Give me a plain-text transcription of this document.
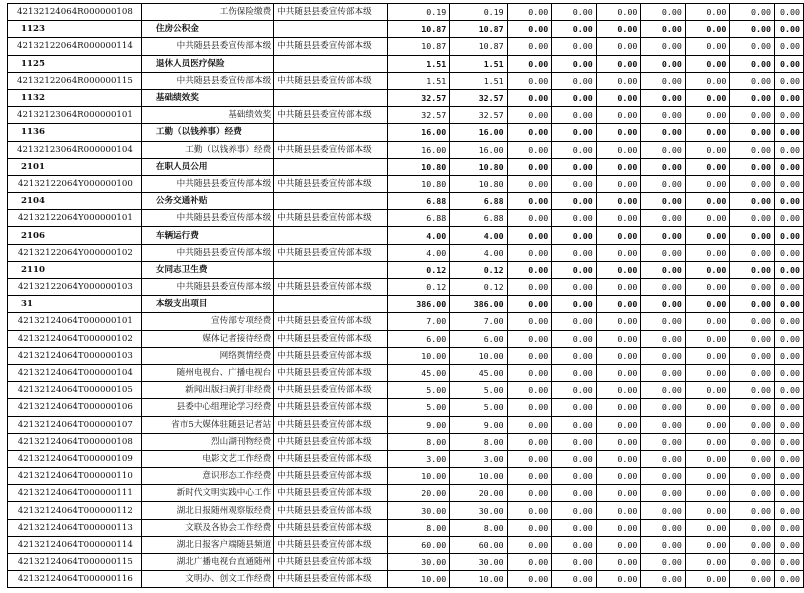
42132124064R000000108	工伤保险缴费	中共随县县委宣传部本级	0.19	0.19	0.00	0.00	0.00	0.00	0.00	0.00	0.00
1123	住房公积金		10.87	10.87	0.00	0.00	0.00	0.00	0.00	0.00	0.00
42132122064R000000114	中共随县县委宣传部本级	中共随县县委宣传部本级	10.87	10.87	0.00	0.00	0.00	0.00	0.00	0.00	0.00
1125	退休人员医疗保险		1.51	1.51	0.00	0.00	0.00	0.00	0.00	0.00	0.00
42132122064R000000115	中共随县县委宣传部本级	中共随县县委宣传部本级	1.51	1.51	0.00	0.00	0.00	0.00	0.00	0.00	0.00
1132	基础绩效奖		32.57	32.57	0.00	0.00	0.00	0.00	0.00	0.00	0.00
42132123064R000000101	基础绩效奖	中共随县县委宣传部本级	32.57	32.57	0.00	0.00	0.00	0.00	0.00	0.00	0.00
1136	工勤（以钱养事）经费		16.00	16.00	0.00	0.00	0.00	0.00	0.00	0.00	0.00
42132123064R000000104	工勤（以钱养事）经费	中共随县县委宣传部本级	16.00	16.00	0.00	0.00	0.00	0.00	0.00	0.00	0.00
2101	在职人员公用		10.80	10.80	0.00	0.00	0.00	0.00	0.00	0.00	0.00
42132122064Y000000100	中共随县县委宣传部本级	中共随县县委宣传部本级	10.80	10.80	0.00	0.00	0.00	0.00	0.00	0.00	0.00
2104	公务交通补贴		6.88	6.88	0.00	0.00	0.00	0.00	0.00	0.00	0.00
42132122064Y000000101	中共随县县委宣传部本级	中共随县县委宣传部本级	6.88	6.88	0.00	0.00	0.00	0.00	0.00	0.00	0.00
2106	车辆运行费		4.00	4.00	0.00	0.00	0.00	0.00	0.00	0.00	0.00
42132122064Y000000102	中共随县县委宣传部本级	中共随县县委宣传部本级	4.00	4.00	0.00	0.00	0.00	0.00	0.00	0.00	0.00
2110	女同志卫生费		0.12	0.12	0.00	0.00	0.00	0.00	0.00	0.00	0.00
42132122064Y000000103	中共随县县委宣传部本级	中共随县县委宣传部本级	0.12	0.12	0.00	0.00	0.00	0.00	0.00	0.00	0.00
31	本级支出项目		386.00	386.00	0.00	0.00	0.00	0.00	0.00	0.00	0.00
42132124064T000000101	宣传部专项经费	中共随县县委宣传部本级	7.00	7.00	0.00	0.00	0.00	0.00	0.00	0.00	0.00
42132124064T000000102	媒体记者接待经费	中共随县县委宣传部本级	6.00	6.00	0.00	0.00	0.00	0.00	0.00	0.00	0.00
42132124064T000000103	网络舆情经费	中共随县县委宣传部本级	10.00	10.00	0.00	0.00	0.00	0.00	0.00	0.00	0.00
42132124064T000000104	随州电视台、广播电视台	中共随县县委宣传部本级	45.00	45.00	0.00	0.00	0.00	0.00	0.00	0.00	0.00
42132124064T000000105	新闻出版扫黄打非经费	中共随县县委宣传部本级	5.00	5.00	0.00	0.00	0.00	0.00	0.00	0.00	0.00
42132124064T000000106	县委中心组理论学习经费	中共随县县委宣传部本级	5.00	5.00	0.00	0.00	0.00	0.00	0.00	0.00	0.00
42132124064T000000107	省市5大媒体驻随县记者站	中共随县县委宣传部本级	9.00	9.00	0.00	0.00	0.00	0.00	0.00	0.00	0.00
42132124064T000000108	烈山湖刊物经费	中共随县县委宣传部本级	8.00	8.00	0.00	0.00	0.00	0.00	0.00	0.00	0.00
42132124064T000000109	电影文艺工作经费	中共随县县委宣传部本级	3.00	3.00	0.00	0.00	0.00	0.00	0.00	0.00	0.00
42132124064T000000110	意识形态工作经费	中共随县县委宣传部本级	10.00	10.00	0.00	0.00	0.00	0.00	0.00	0.00	0.00
42132124064T000000111	新时代文明实践中心工作	中共随县县委宣传部本级	20.00	20.00	0.00	0.00	0.00	0.00	0.00	0.00	0.00
42132124064T000000112	湖北日报随州观察版经费	中共随县县委宣传部本级	30.00	30.00	0.00	0.00	0.00	0.00	0.00	0.00	0.00
42132124064T000000113	文联及各协会工作经费	中共随县县委宣传部本级	8.00	8.00	0.00	0.00	0.00	0.00	0.00	0.00	0.00
42132124064T000000114	湖北日报客户端随县频道	中共随县县委宣传部本级	60.00	60.00	0.00	0.00	0.00	0.00	0.00	0.00	0.00
42132124064T000000115	湖北广播电视台直通随州	中共随县县委宣传部本级	30.00	30.00	0.00	0.00	0.00	0.00	0.00	0.00	0.00
42132124064T000000116	文明办、创文工作经费	中共随县县委宣传部本级	10.00	10.00	0.00	0.00	0.00	0.00	0.00	0.00	0.00
